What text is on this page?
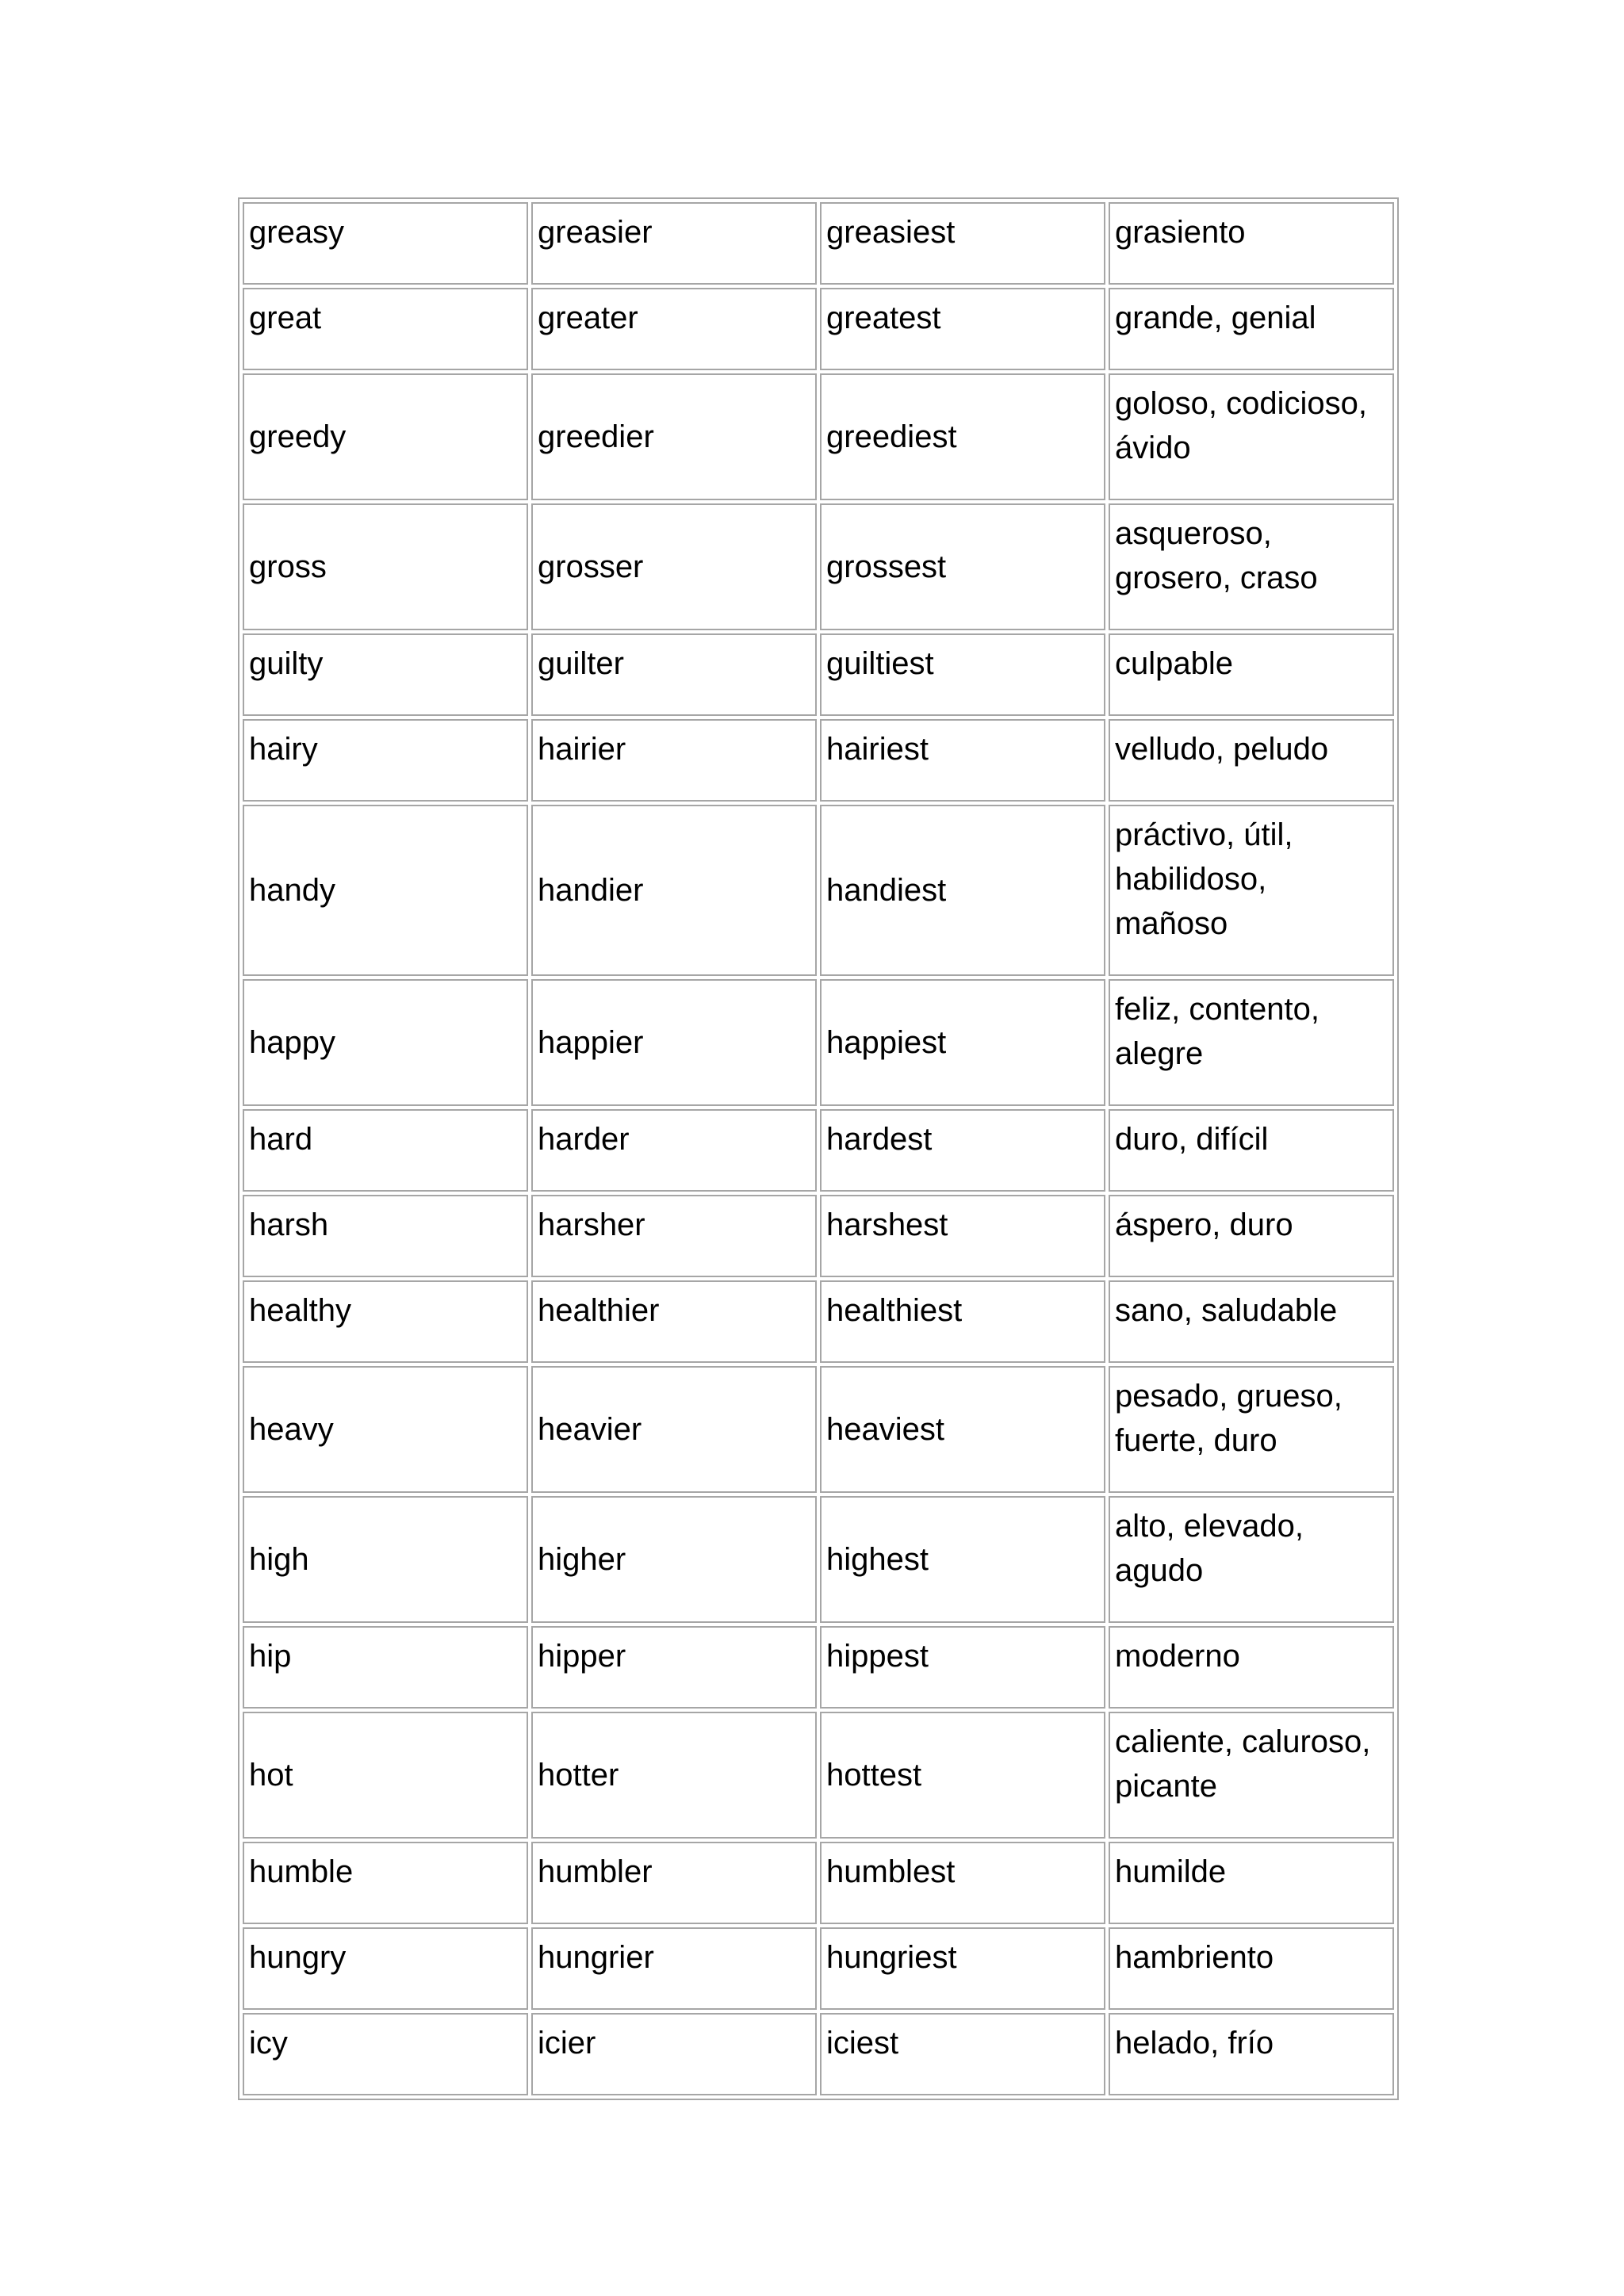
greasy	greasier	greasiest	grasiento
great	greater	greatest	grande, genial
greedy	greedier	greediest	goloso, codicioso, ávido
gross	grosser	grossest	asqueroso, grosero, craso
guilty	guilter	guiltiest	culpable
hairy	hairier	hairiest	velludo, peludo
handy	handier	handiest	práctivo, útil, habilidoso, mañoso
happy	happier	happiest	feliz, contento, alegre
hard	harder	hardest	duro, difícil
harsh	harsher	harshest	áspero, duro
healthy	healthier	healthiest	sano, saludable
heavy	heavier	heaviest	pesado, grueso, fuerte, duro
high	higher	highest	alto, elevado, agudo
hip	hipper	hippest	moderno
hot	hotter	hottest	caliente, caluroso, picante
humble	humbler	humblest	humilde
hungry	hungrier	hungriest	hambriento
icy	icier	iciest	helado, frío
